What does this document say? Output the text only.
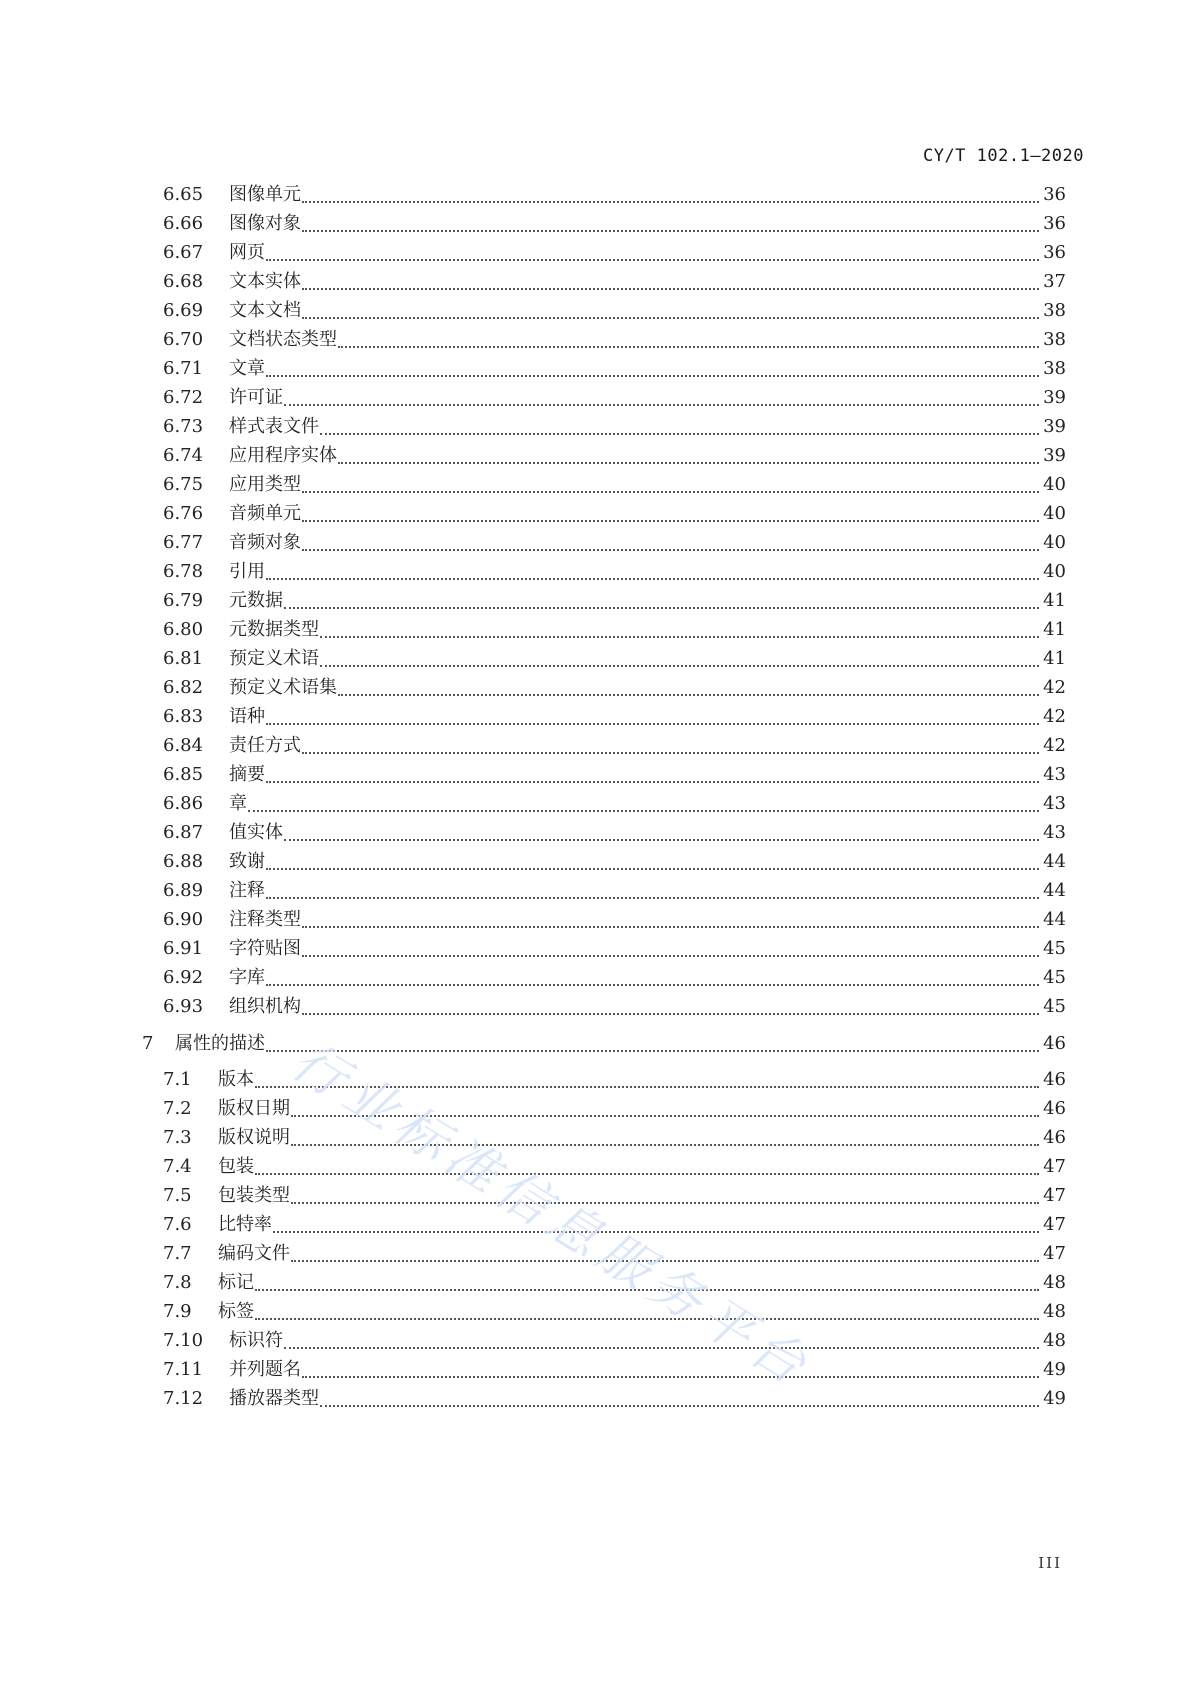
CY/T 102.1—2020
6.65 图像单元	36
6.66 图像对象	36
6.67 网页	36
6.68 文本实体	37
6.69 文本文档	38
6.70 文档状态类型	38
6.71 文章	38
6.72 许可证	39
6.73 样式表文件	39
6.74 应用程序实体	39
6.75 应用类型	40
6.76 音频单元	40
6.77 音频对象	40
6.78 引用	40
6.79 元数据	41
6.80 元数据类型	41
6.81 预定义术语	41
6.82 预定义术语集	42
6.83 语种	42
6.84 责任方式	42
6.85 摘要	43
6.86 章	43
6.87 值实体	43
6.88 致谢	44
6.89 注释	44
6.90 注释类型	44
6.91 字符贴图	45
6.92 字库	45
6.93 组织机构	45
7 属性的描述	46
7.1 版本	46
7.2 版权日期	46
7.3 版权说明	46
7.4 包装	47
7.5 包装类型	47
7.6 比特率	47
7.7 编码文件	47
7.8 标记	48
7.9 标签	48
7.10 标识符	48
7.11 并列题名	49
7.12 播放器类型	49
III
行业标准信息服务平台
